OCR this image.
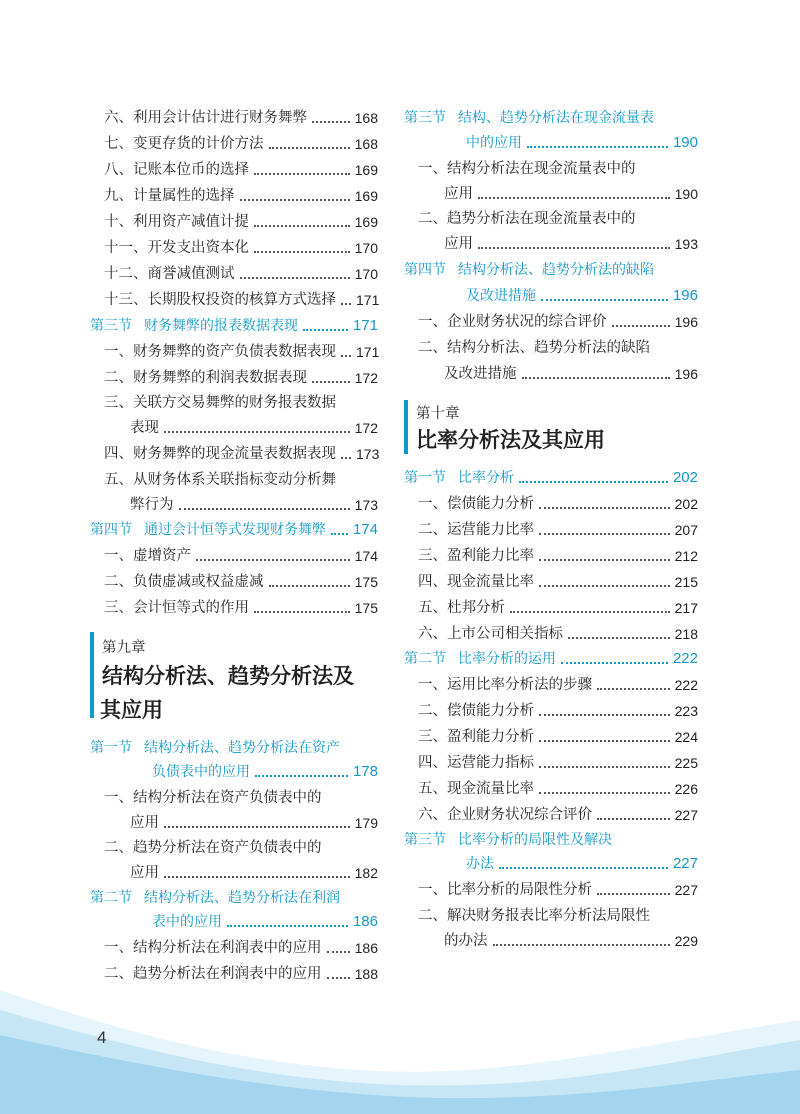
六、利用会计估计进行财务舞弊	168
七、变更存货的计价方法	168
八、记账本位币的选择	169
九、计量属性的选择	169
十、利用资产减值计提	169
十一、开发支出资本化	170
十二、商誉减值测试	170
十三、长期股权投资的核算方式选择 171
第三节 财务舞弊的报表数据表现	171
一、财务舞弊的资产负债表数据表现 171
二、财务舞弊的利润表数据表现	172
三、关联方交易舞弊的财务报表数据
表现	172
四、财务舞弊的现金流量表数据表现 173
五、从财务体系关联指标变动分析舞
弊行为	173
第四节 通过会计恒等式发现财务舞弊 174
一、虚增资产	174
二、负债虚减或权益虚减	175
三、会计恒等式的作用	175
第九章
结构分析法、趋势分析法及
其应用
第一节 结构分析法、趋势分析法在资产
负债表中的应用	178
一、结构分析法在资产负债表中的
应用	179
二、趋势分析法在资产负债表中的
应用	182
第二节 结构分析法、趋势分析法在利润
表中的应用	186
一、结构分析法在利润表中的应用 186
二、趋势分析法在利润表中的应用 188
第三节 结构、趋势分析法在现金流量表
中的应用	190
一、结构分析法在现金流量表中的
应用	190
二、趋势分析法在现金流量表中的
应用	193
第四节 结构分析法、趋势分析法的缺陷
及改进措施	196
一、企业财务状况的综合评价	196
二、结构分析法、趋势分析法的缺陷
及改进措施	196
第十章
比率分析法及其应用
第一节 比率分析	202
一、偿债能力分析	202
二、运营能力比率	207
三、盈利能力比率	212
四、现金流量比率	215
五、杜邦分析	217
六、上市公司相关指标	218
第二节 比率分析的运用	222
一、运用比率分析法的步骤	222
二、偿债能力分析	223
三、盈利能力分析	224
四、运营能力指标	225
五、现金流量比率	226
六、企业财务状况综合评价	227
第三节 比率分析的局限性及解决
办法	227
一、比率分析的局限性分析	227
二、解决财务报表比率分析法局限性
的办法	229
4
